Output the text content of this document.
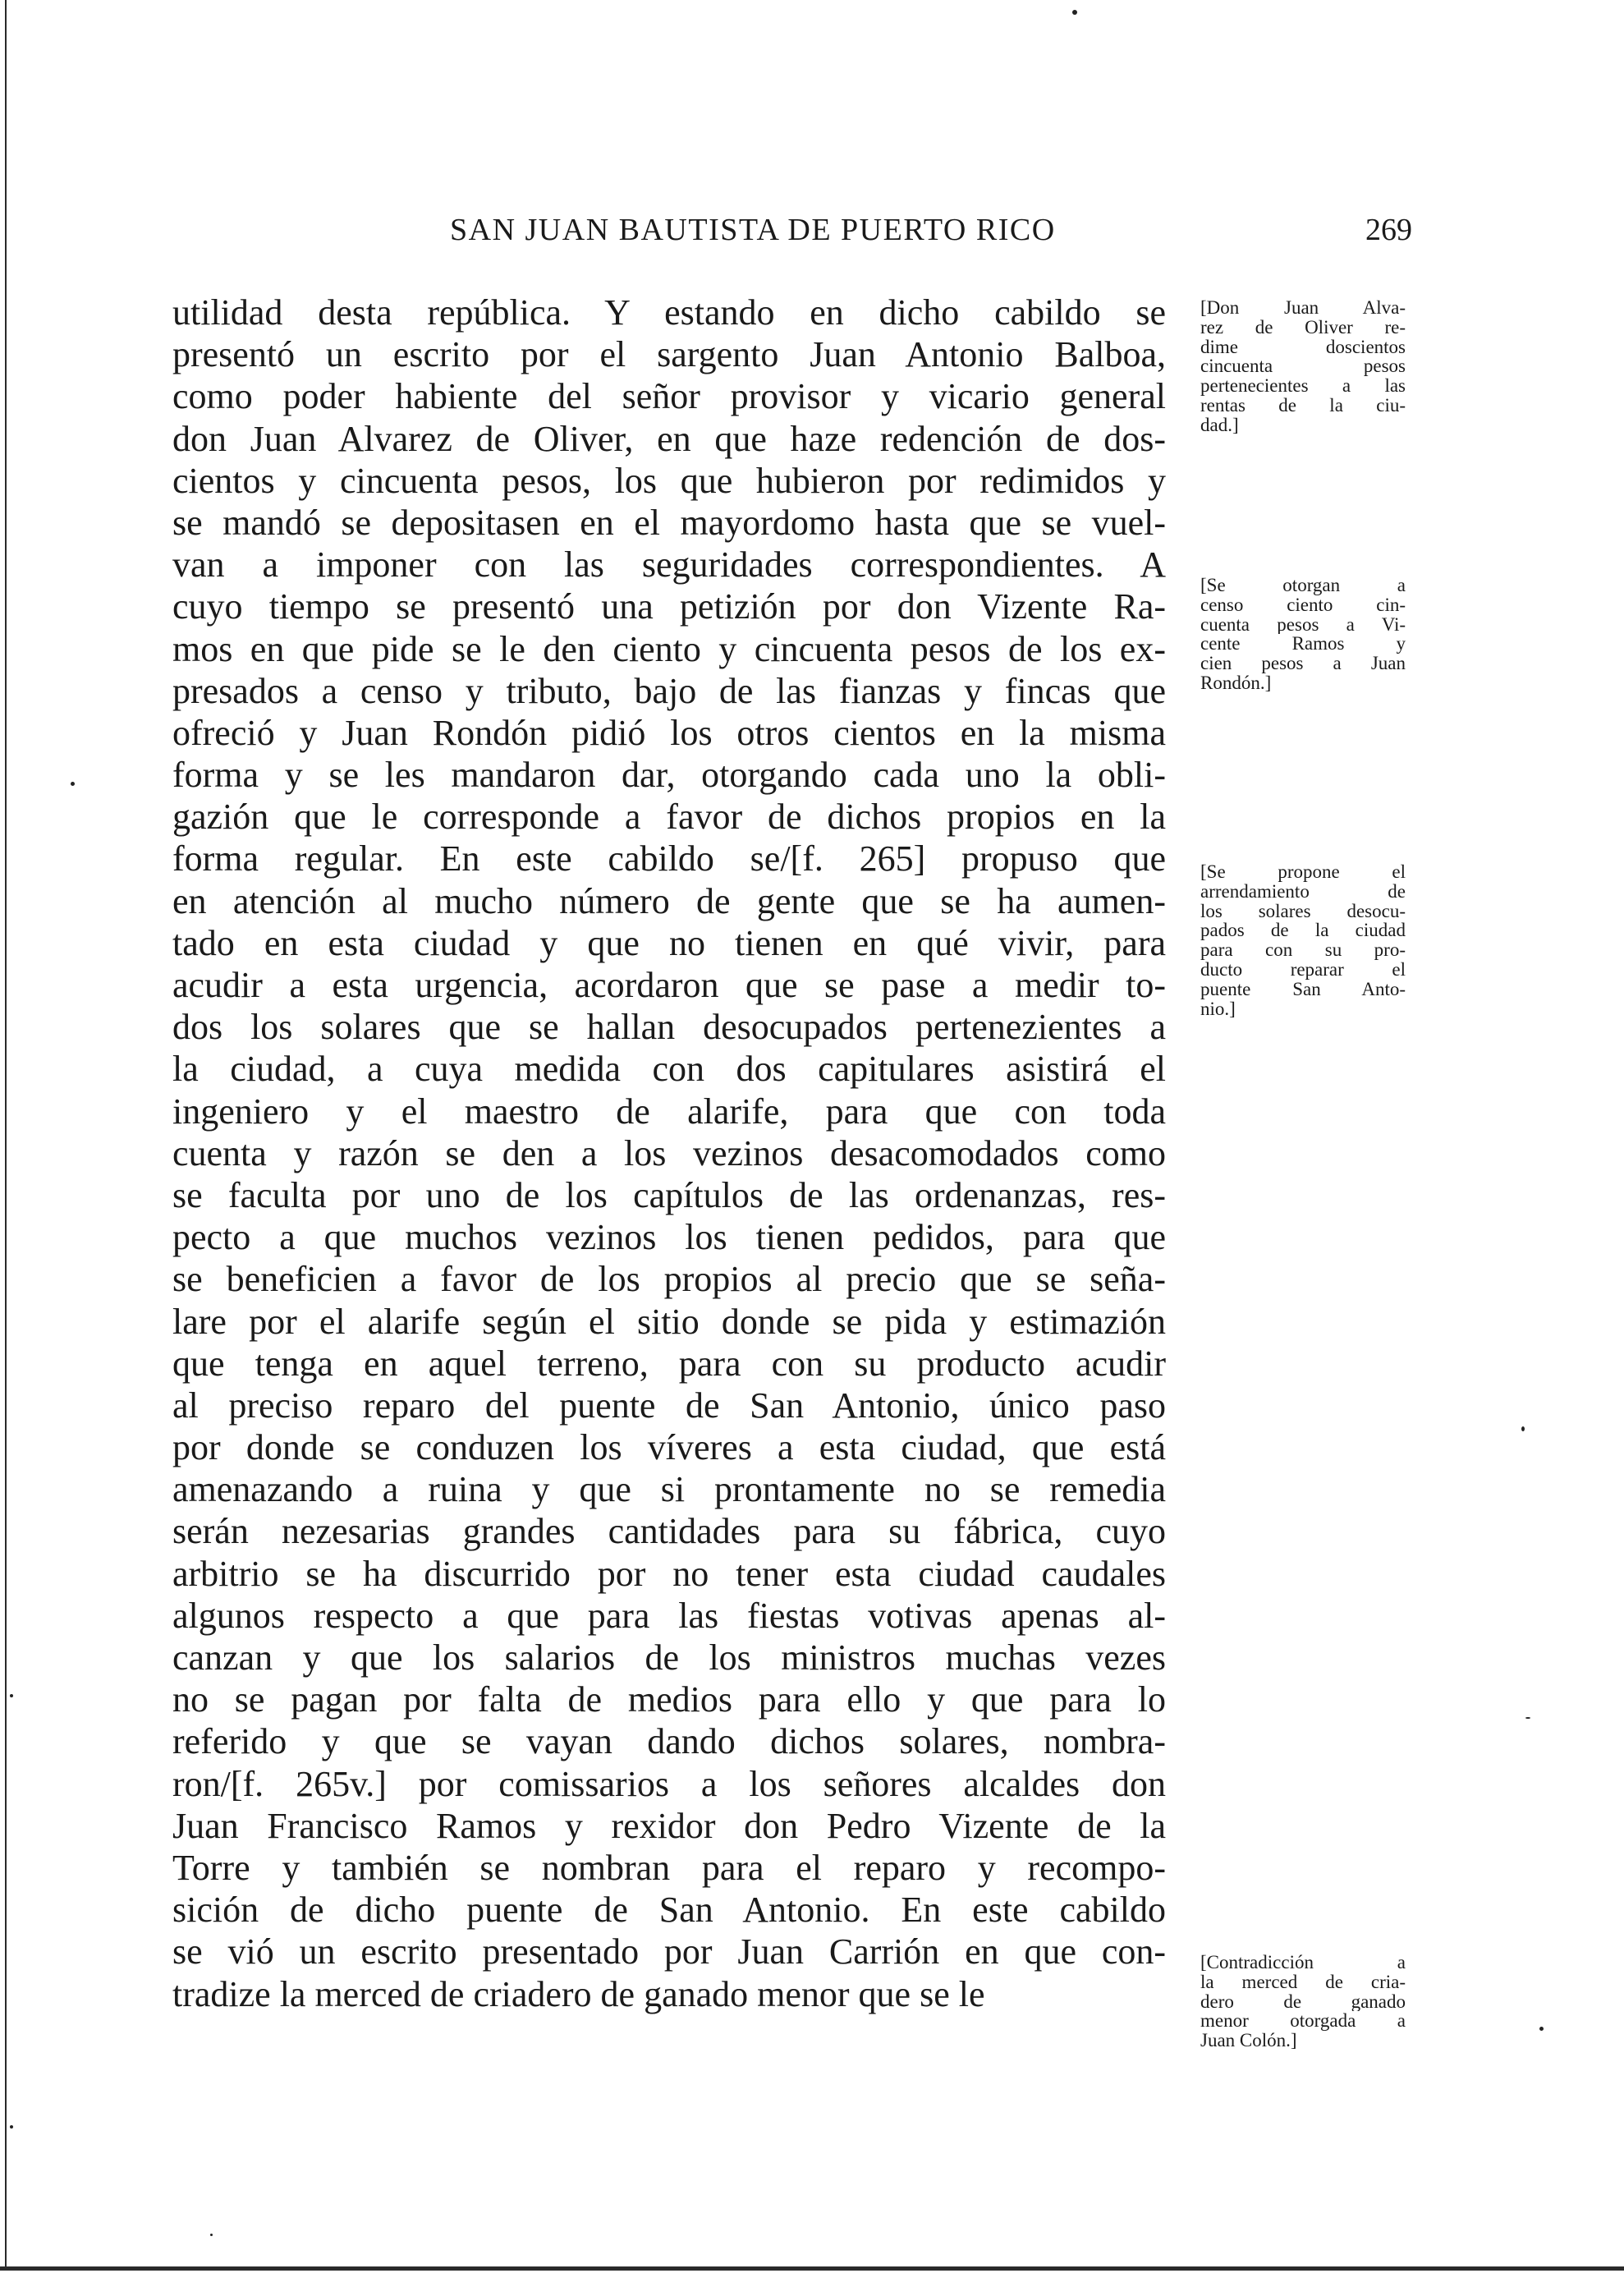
SAN JUAN BAUTISTA DE PUERTO RICO	269
utilidad desta república. Y estando en dicho cabildo se
presentó un escrito por el sargento Juan Antonio Balboa,
como poder habiente del señor provisor y vicario general
don Juan Alvarez de Oliver, en que haze redención de dos-
cientos y cincuenta pesos, los que hubieron por redimidos y
se mandó se depositasen en el mayordomo hasta que se vuel-
van a imponer con las seguridades correspondientes. A
cuyo tiempo se presentó una petizión por don Vizente Ra-
mos en que pide se le den ciento y cincuenta pesos de los ex-
presados a censo y tributo, bajo de las fianzas y fincas que
ofreció y Juan Rondón pidió los otros cientos en la misma
forma y se les mandaron dar, otorgando cada uno la obli-
gazión que le corresponde a favor de dichos propios en la
forma regular. En este cabildo se/[f. 265] propuso que
en atención al mucho número de gente que se ha aumen-
tado en esta ciudad y que no tienen en qué vivir, para
acudir a esta urgencia, acordaron que se pase a medir to-
dos los solares que se hallan desocupados pertenezientes a
la ciudad, a cuya medida con dos capitulares asistirá el
ingeniero y el maestro de alarife, para que con toda
cuenta y razón se den a los vezinos desacomodados como
se faculta por uno de los capítulos de las ordenanzas, res-
pecto a que muchos vezinos los tienen pedidos, para que
se beneficien a favor de los propios al precio que se seña-
lare por el alarife según el sitio donde se pida y estimazión
que tenga en aquel terreno, para con su producto acudir
al preciso reparo del puente de San Antonio, único paso
por donde se conduzen los víveres a esta ciudad, que está
amenazando a ruina y que si prontamente no se remedia
serán nezesarias grandes cantidades para su fábrica, cuyo
arbitrio se ha discurrido por no tener esta ciudad caudales
algunos respecto a que para las fiestas votivas apenas al-
canzan y que los salarios de los ministros muchas vezes
no se pagan por falta de medios para ello y que para lo
referido y que se vayan dando dichos solares, nombra-
ron/[f. 265v.] por comissarios a los señores alcaldes don
Juan Francisco Ramos y rexidor don Pedro Vizente de la
Torre y también se nombran para el reparo y recompo-
sición de dicho puente de San Antonio. En este cabildo
se vió un escrito presentado por Juan Carrión en que con-
tradize la merced de criadero de ganado menor que se le
[Don Juan Alva-
rez de Oliver re-
dime doscientos
cincuenta pesos
pertenecientes a las
rentas de la ciu-
dad.]
[Se otorgan a
censo ciento cin-
cuenta pesos a Vi-
cente Ramos y
cien pesos a Juan
Rondón.]
[Se propone el
arrendamiento de
los solares desocu-
pados de la ciudad
para con su pro-
ducto reparar el
puente San Anto-
nio.]
[Contradicción a
la merced de cria-
dero de ganado
menor otorgada a
Juan Colón.]
